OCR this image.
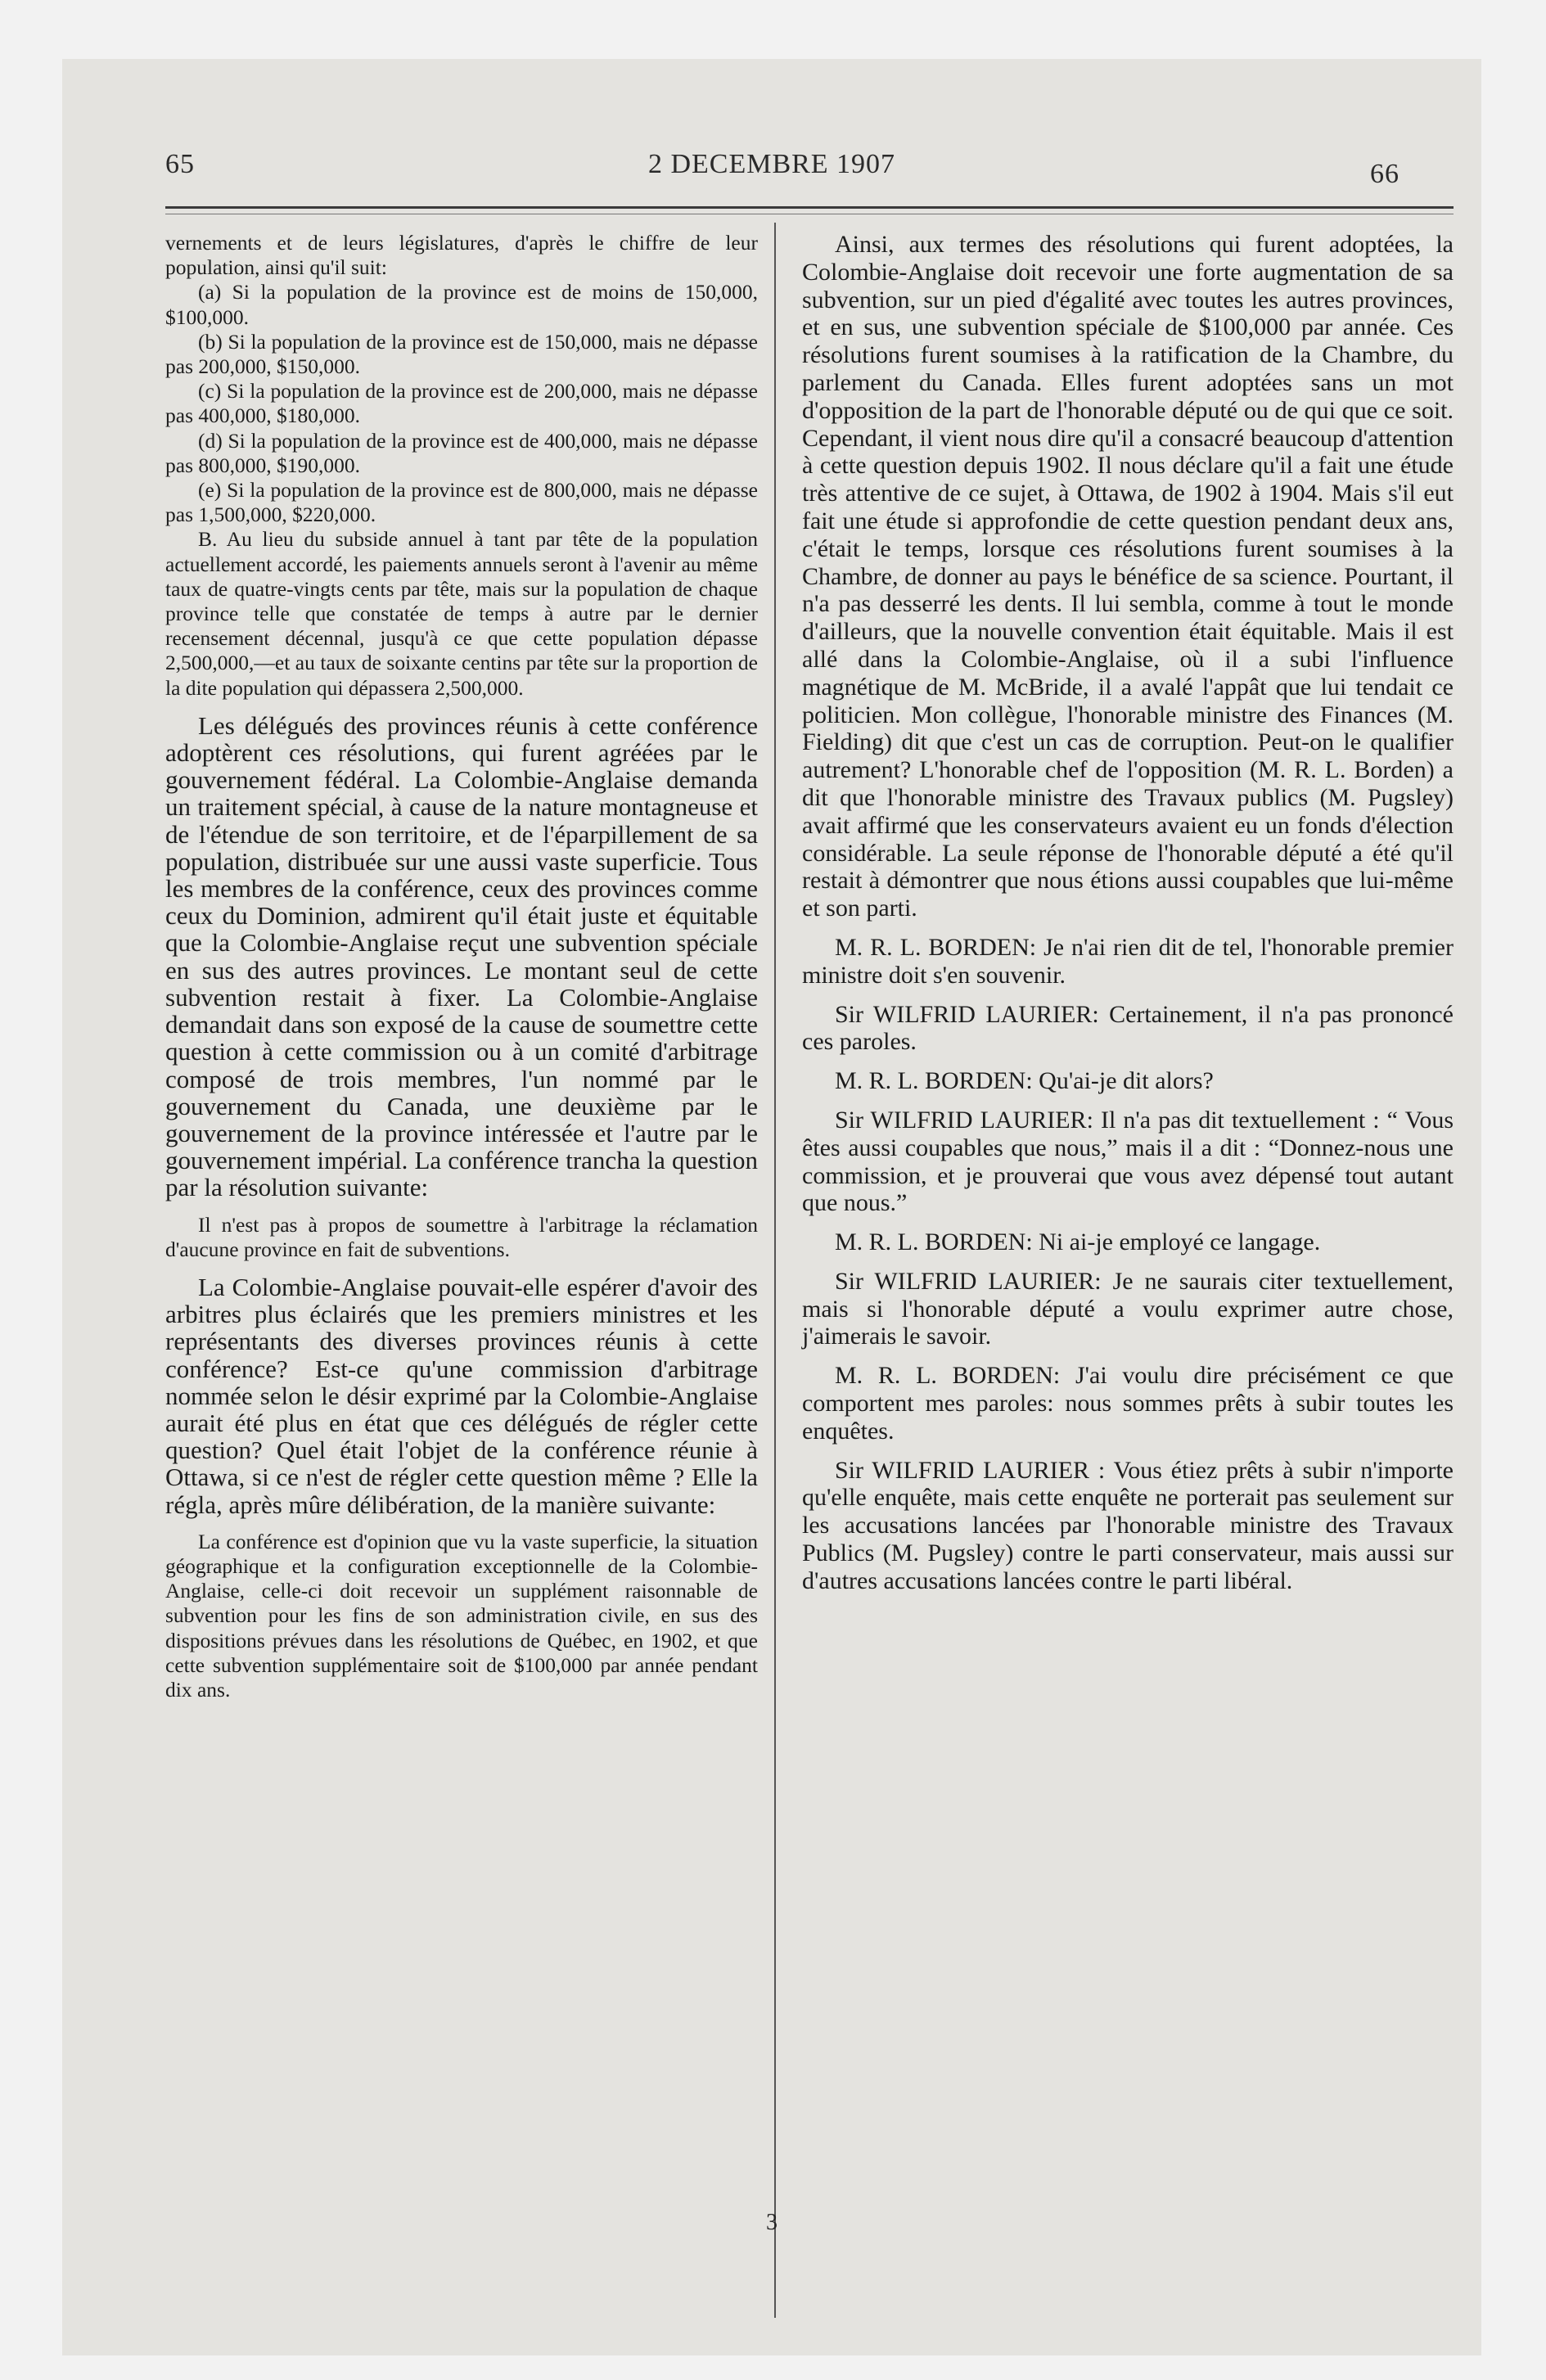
65	2 DECEMBRE 1907	66

vernements et de leurs législatures, d'après le chiffre de leur population, ainsi qu'il suit:

(a) Si la population de la province est de moins de 150,000, $100,000.

(b) Si la population de la province est de 150,000, mais ne dépasse pas 200,000, $150,000.

(c) Si la population de la province est de 200,000, mais ne dépasse pas 400,000, $180,000.

(d) Si la population de la province est de 400,000, mais ne dépasse pas 800,000, $190,000.

(e) Si la population de la province est de 800,000, mais ne dépasse pas 1,500,000, $220,000.

B. Au lieu du subside annuel à tant par tête de la population actuellement accordé, les paiements annuels seront à l'avenir au même taux de quatre-vingts cents par tête, mais sur la population de chaque province telle que constatée de temps à autre par le dernier recensement décennal, jusqu'à ce que cette population dépasse 2,500,000,—et au taux de soixante centins par tête sur la proportion de la dite population qui dépassera 2,500,000.

Les délégués des provinces réunis à cette conférence adoptèrent ces résolutions, qui furent agréées par le gouvernement fédéral. La Colombie-Anglaise demanda un traitement spécial, à cause de la nature montagneuse et de l'étendue de son territoire, et de l'éparpillement de sa population, distribuée sur une aussi vaste superficie. Tous les membres de la conférence, ceux des provinces comme ceux du Dominion, admirent qu'il était juste et équitable que la Colombie-Anglaise reçut une subvention spéciale en sus des autres provinces. Le montant seul de cette subvention restait à fixer. La Colombie-Anglaise demandait dans son exposé de la cause de soumettre cette question à cette commission ou à un comité d'arbitrage composé de trois membres, l'un nommé par le gouvernement du Canada, une deuxième par le gouvernement de la province intéressée et l'autre par le gouvernement impérial. La conférence trancha la question par la résolution suivante:

Il n'est pas à propos de soumettre à l'arbitrage la réclamation d'aucune province en fait de subventions.

La Colombie-Anglaise pouvait-elle espérer d'avoir des arbitres plus éclairés que les premiers ministres et les représentants des diverses provinces réunis à cette conférence? Est-ce qu'une commission d'arbitrage nommée selon le désir exprimé par la Colombie-Anglaise aurait été plus en état que ces délégués de régler cette question? Quel était l'objet de la conférence réunie à Ottawa, si ce n'est de régler cette question même ? Elle la régla, après mûre délibération, de la manière suivante:

La conférence est d'opinion que vu la vaste superficie, la situation géographique et la configuration exceptionnelle de la Colombie-Anglaise, celle-ci doit recevoir un supplément raisonnable de subvention pour les fins de son administration civile, en sus des dispositions prévues dans les résolutions de Québec, en 1902, et que cette subvention supplémentaire soit de $100,000 par année pendant dix ans.

Ainsi, aux termes des résolutions qui furent adoptées, la Colombie-Anglaise doit recevoir une forte augmentation de sa subvention, sur un pied d'égalité avec toutes les autres provinces, et en sus, une subvention spéciale de $100,000 par année. Ces résolutions furent soumises à la ratification de la Chambre, du parlement du Canada. Elles furent adoptées sans un mot d'opposition de la part de l'honorable député ou de qui que ce soit. Cependant, il vient nous dire qu'il a consacré beaucoup d'attention à cette question depuis 1902. Il nous déclare qu'il a fait une étude très attentive de ce sujet, à Ottawa, de 1902 à 1904. Mais s'il eut fait une étude si approfondie de cette question pendant deux ans, c'était le temps, lorsque ces résolutions furent soumises à la Chambre, de donner au pays le bénéfice de sa science. Pourtant, il n'a pas desserré les dents. Il lui sembla, comme à tout le monde d'ailleurs, que la nouvelle convention était équitable. Mais il est allé dans la Colombie-Anglaise, où il a subi l'influence magnétique de M. McBride, il a avalé l'appât que lui tendait ce politicien. Mon collègue, l'honorable ministre des Finances (M. Fielding) dit que c'est un cas de corruption. Peut-on le qualifier autrement? L'honorable chef de l'opposition (M. R. L. Borden) a dit que l'honorable ministre des Travaux publics (M. Pugsley) avait affirmé que les conservateurs avaient eu un fonds d'élection considérable. La seule réponse de l'honorable député a été qu'il restait à démontrer que nous étions aussi coupables que lui-même et son parti.

M. R. L. BORDEN: Je n'ai rien dit de tel, l'honorable premier ministre doit s'en souvenir.

Sir WILFRID LAURIER: Certainement, il n'a pas prononcé ces paroles.

M. R. L. BORDEN: Qu'ai-je dit alors?

Sir WILFRID LAURIER: Il n'a pas dit textuellement : “ Vous êtes aussi coupables que nous,” mais il a dit : “Donnez-nous une commission, et je prouverai que vous avez dépensé tout autant que nous.”

M. R. L. BORDEN: Ni ai-je employé ce langage.

Sir WILFRID LAURIER: Je ne saurais citer textuellement, mais si l'honorable député a voulu exprimer autre chose, j'aimerais le savoir.

M. R. L. BORDEN: J'ai voulu dire précisément ce que comportent mes paroles: nous sommes prêts à subir toutes les enquêtes.

Sir WILFRID LAURIER : Vous étiez prêts à subir n'importe qu'elle enquête, mais cette enquête ne porterait pas seulement sur les accusations lancées par l'honorable ministre des Travaux Publics (M. Pugsley) contre le parti conservateur, mais aussi sur d'autres accusations lancées contre le parti libéral.

3
